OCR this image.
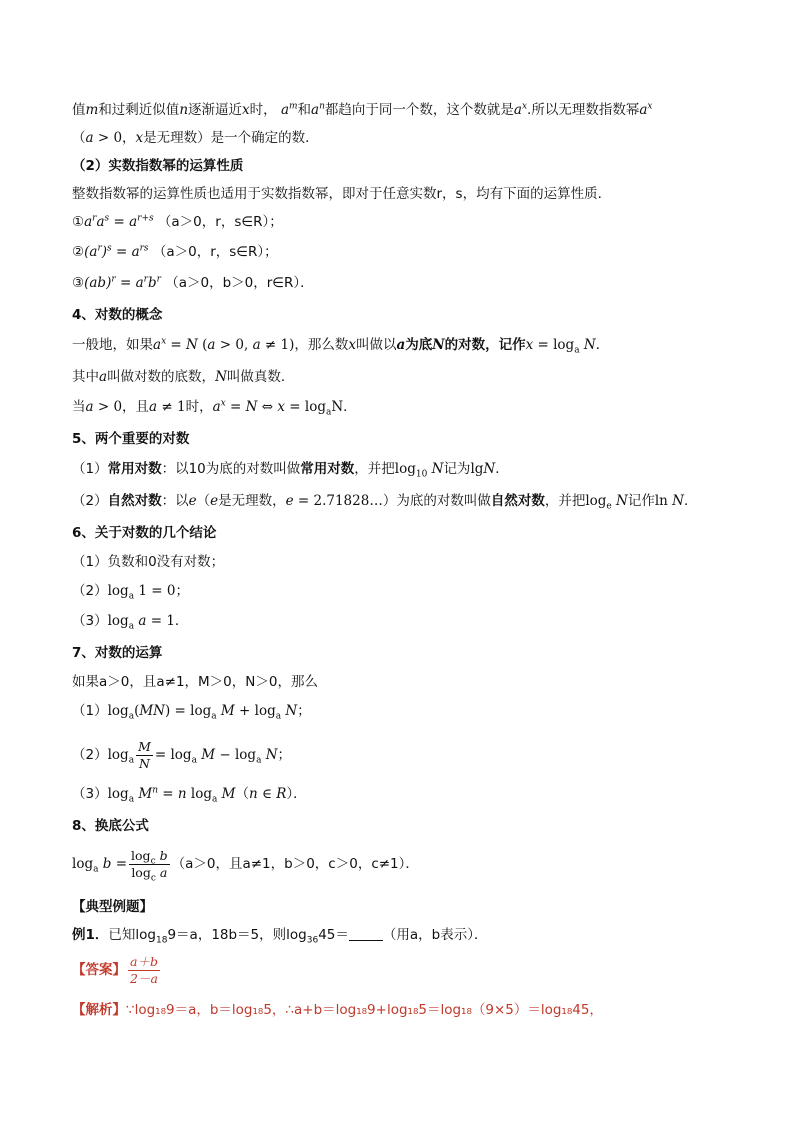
值m和过剩近似值n逐渐逼近x时， $a^m$和$a^n$都趋向于同一个数，这个数就是$a^x$.所以无理数指数幂$a^x$
（a > 0，x是无理数）是一个确定的数．
（2）实数指数幂的运算性质
整数指数幂的运算性质也适用于实数指数幂，即对于任意实数r，s，均有下面的运算性质．
$①a^ra^s = a^{r+s}$ （a＞0，r，s∈R）；
$②(a^r)^s = a^{rs}$ （a＞0，r，s∈R）；
③(ab)$^r$ = $a^rb^r$ （a＞0，b＞0，r∈R）．
4、对数的概念
一般地，如果$a^x = N$ (a > 0, a ≠ 1)，那么数x叫做以a为底N的对数，记作$x = \log_a N$．
其中a叫做对数的底数，N叫做真数．
当a > 0，且a ≠ 1时，$a^x = N$ ⇔ $x = \log_aN$．
5、两个重要的对数
（1）常用对数：以10为底的对数叫做常用对数，并把$\log_{10} N$记为lgN．
（2）自然对数：以e（e是无理数，e = 2.71828…）为底的对数叫做自然对数，并把$\log_e N$记作ln N．
6、关于对数的几个结论
（1）负数和0没有对数；
$(2)\log_a$ 1 = 0；
$(3)\log_a$ a = 1．
7、对数的运算
如果a＞0，且a≠1，M＞0，N＞0，那么
$(1)\log_a(MN) = \log_a M + \log_a N$；
$(2)\log_a \frac{M}{N} = \log_a M - \log_a N$；
$(3)\log_a$ $M^n = n$ $\log_a M(n$ ∈ R）．
8、换底公式
$\log_a b = \frac{\log_c b}{\log_c a} (a>0$，且a≠1，b＞0，c＞0，c≠1）．
【典型例题】
例1．已知$\log_{18}9=a$，18b＝5，则$\log_{36}45=$	（用a，b表示）．
【答案】 $\frac{a+b}{2-a}$
【解析】∵log₁₈9＝a，b＝log₁₈5，∴a+b＝log₁₈9+log₁₈5＝log₁₈（9×5）＝log₁₈45，
